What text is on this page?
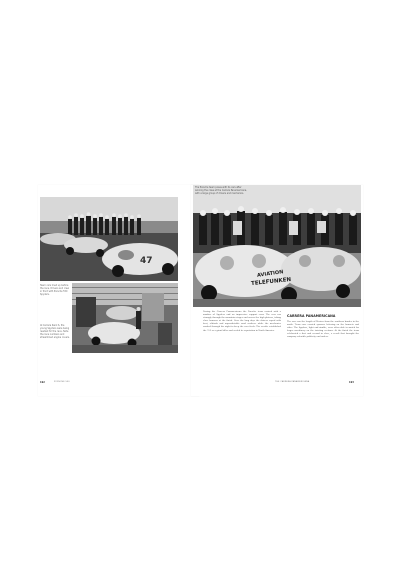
47
Team cars lined up before the race. Drivers and crew in front with Porsche 550 Spyders.
At Carrera Rank 6, the young Spyders were being readied for the race. Note the race numbers and streamlined engine covers.
192	PORSCHE 550
AVIATION
TELEFUNKEN
The Porsche team poses with its cars after winning the class at the Carrera Panamericana, with a large group of drivers and mechanics.
During the Carrera Panamericana the Porsche team arrived with a number of Spyders and an impressive support crew. The cars ran strongly through the mountain stages and across the high plateau, taking class honours at the finish. Over the long days the drivers coped with heat, altitude and unpredictable road surfaces while the mechanics worked through the night to keep the cars fresh. The results established the 550 as a giant killer and sealed its reputation in North America.
CARRERA PANAMERICANA
The race ran the length of Mexico from the southern border to the north. Team cars carried sponsor lettering on the bonnets and sides. The Spyders, light and nimble, were often able to match far larger machinery on the twisting sections. At the finish the team celebrated a first and second in class, a result that brought the company valuable publicity and orders.
THE CARRERA PANAMERICANA	193
